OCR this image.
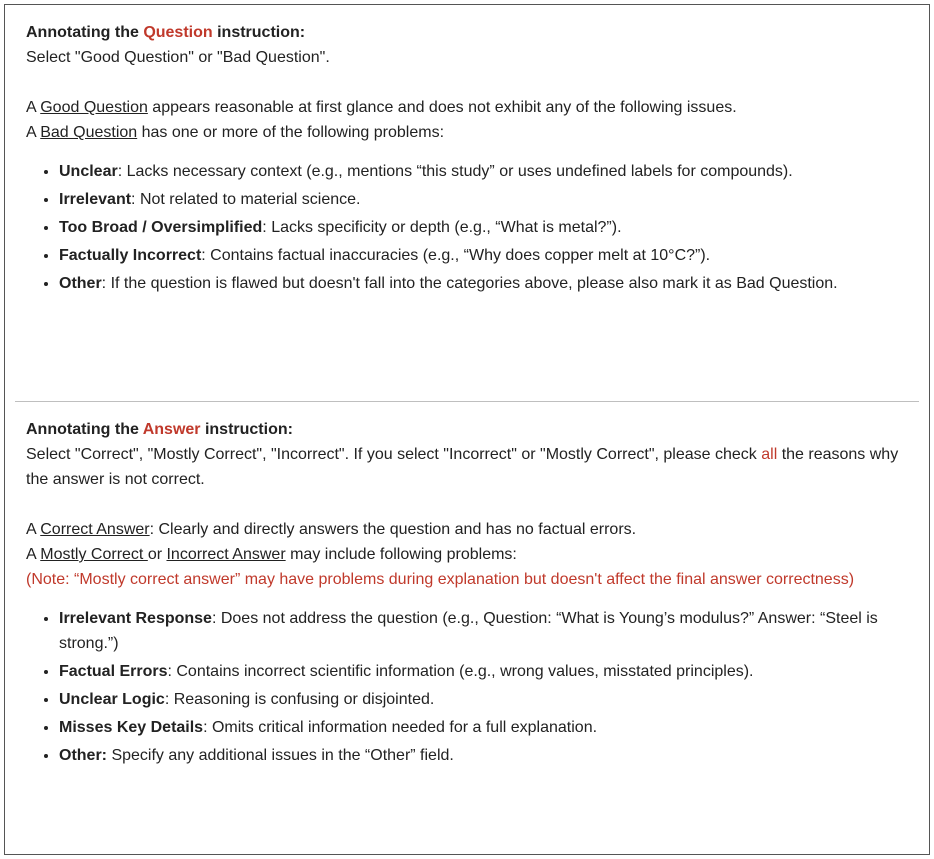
Annotating the Question instruction:

Select "Good Question" or "Bad Question".

A Good Question appears reasonable at first glance and does not exhibit any of the following issues.

A Bad Question has one or more of the following problems:

• Unclear: Lacks necessary context (e.g., mentions “this study” or uses undefined labels for compounds).
• Irrelevant: Not related to material science.
• Too Broad / Oversimplified: Lacks specificity or depth (e.g., “What is metal?”).
• Factually Incorrect: Contains factual inaccuracies (e.g., “Why does copper melt at 10°C?”).
• Other: If the question is flawed but doesn't fall into the categories above, please also mark it as Bad Question.

Annotating the Answer instruction:

Select "Correct", "Mostly Correct", "Incorrect". If you select "Incorrect" or "Mostly Correct", please check all the reasons why the answer is not correct.

A Correct Answer: Clearly and directly answers the question and has no factual errors.

A Mostly Correct or Incorrect Answer may include following problems:

(Note: “Mostly correct answer” may have problems during explanation but doesn't affect the final answer correctness)

• Irrelevant Response: Does not address the question (e.g., Question: “What is Young’s modulus?” Answer: “Steel is strong.”)
• Factual Errors: Contains incorrect scientific information (e.g., wrong values, misstated principles).
• Unclear Logic: Reasoning is confusing or disjointed.
• Misses Key Details: Omits critical information needed for a full explanation.
• Other: Specify any additional issues in the “Other” field.
